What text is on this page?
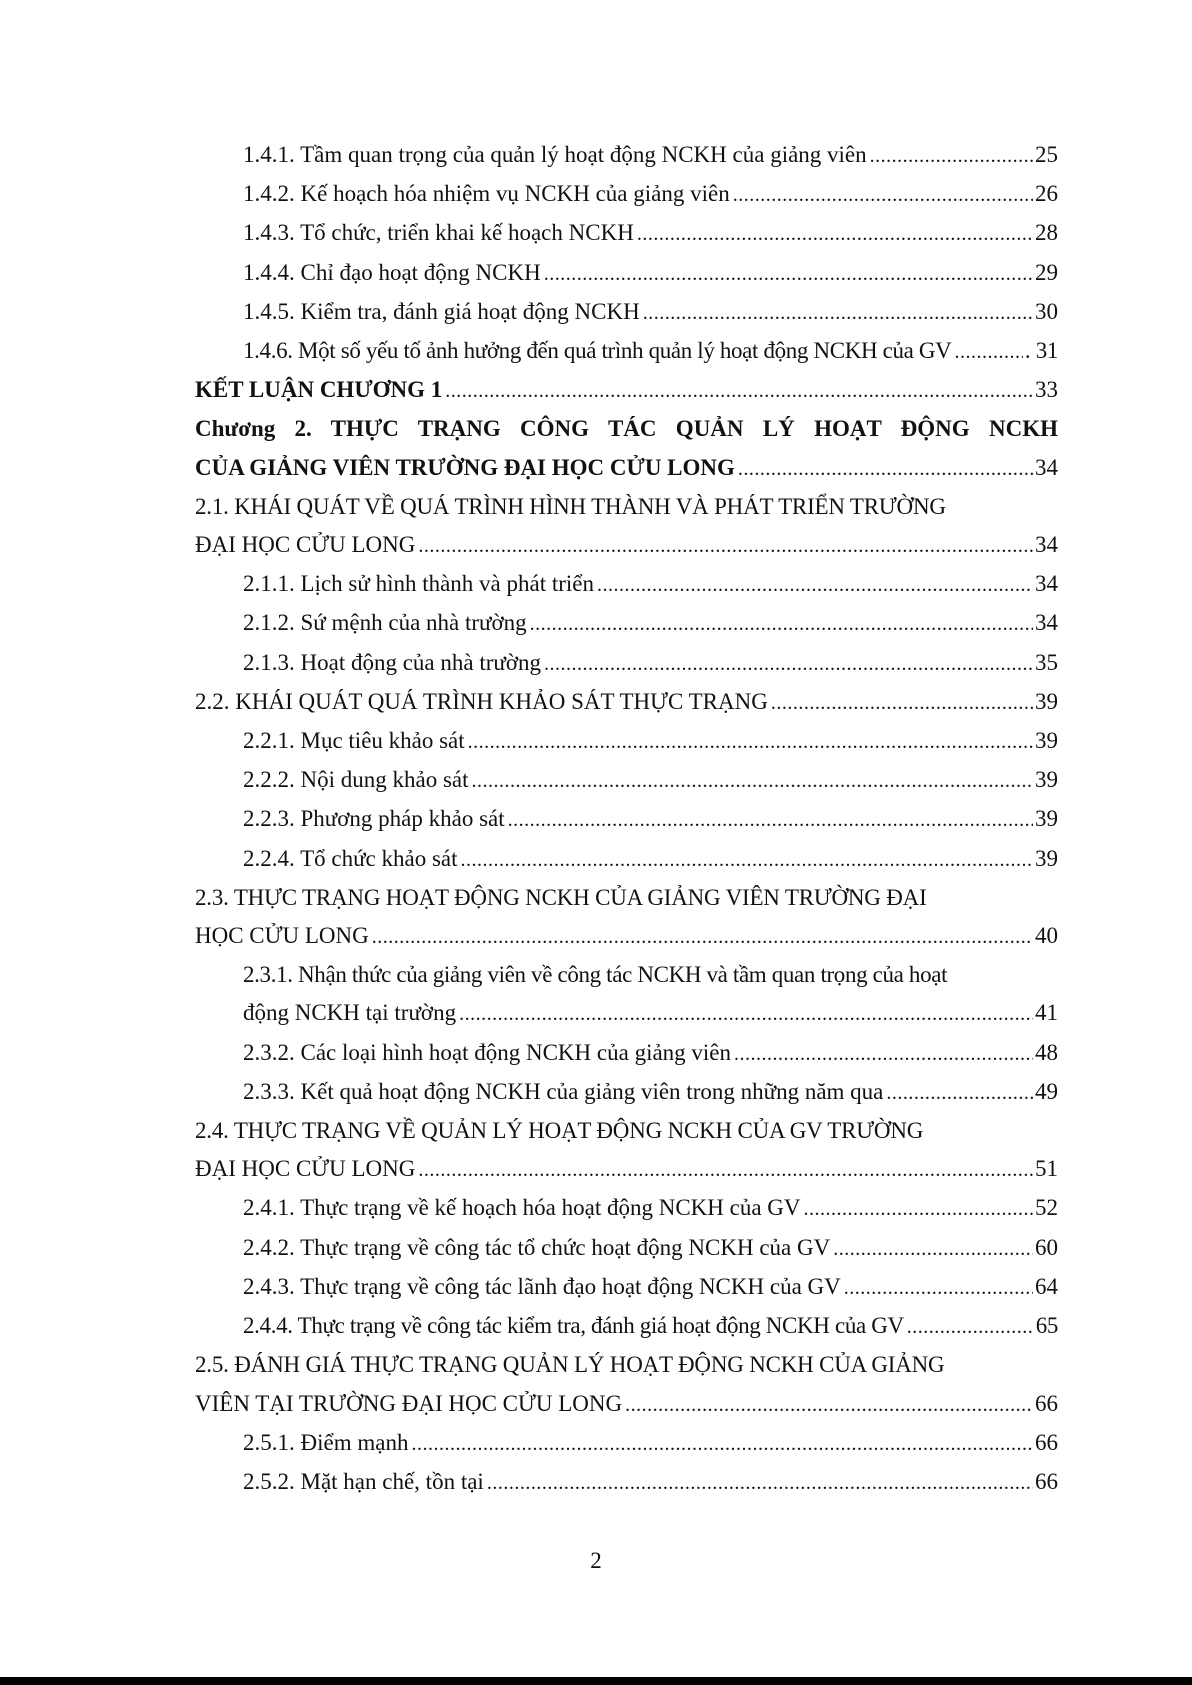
1.4.1. Tầm quan trọng của quản lý hoạt động NCKH của giảng viên .....	25
1.4.2. Kế hoạch hóa nhiệm vụ NCKH của giảng viên .....	26
1.4.3. Tổ chức, triển khai kế hoạch NCKH .....	28
1.4.4. Chỉ đạo hoạt động NCKH .....	29
1.4.5. Kiểm tra, đánh giá hoạt động NCKH .....	30
1.4.6. Một số yếu tố ảnh hưởng đến quá trình quản lý hoạt động NCKH của GV .....	. 31
KẾT LUẬN CHƯƠNG 1 .....	33
Chương 2. THỰC TRẠNG CÔNG TÁC QUẢN LÝ HOẠT ĐỘNG NCKH
CỦA GIẢNG VIÊN TRƯỜNG ĐẠI HỌC CỬU LONG .....	34
2.1. KHÁI QUÁT VỀ QUÁ TRÌNH HÌNH THÀNH VÀ PHÁT TRIỂN TRƯỜNG
ĐẠI HỌC CỬU LONG .....	34
2.1.1. Lịch sử hình thành và phát triển .....	34
2.1.2. Sứ mệnh của nhà trường .....	34
2.1.3. Hoạt động của nhà trường .....	35
2.2. KHÁI QUÁT QUÁ TRÌNH KHẢO SÁT THỰC TRẠNG .....	39
2.2.1. Mục tiêu khảo sát .....	39
2.2.2. Nội dung khảo sát .....	39
2.2.3. Phương pháp khảo sát .....	39
2.2.4. Tổ chức khảo sát .....	39
2.3. THỰC TRẠNG HOẠT ĐỘNG NCKH CỦA GIẢNG VIÊN TRƯỜNG ĐẠI
HỌC CỬU LONG .....	40
2.3.1. Nhận thức của giảng viên về công tác NCKH và tầm quan trọng của hoạt
động NCKH tại trường .....	41
2.3.2. Các loại hình hoạt động NCKH của giảng viên .....	48
2.3.3. Kết quả hoạt động NCKH của giảng viên trong những năm qua .....	49
2.4. THỰC TRẠNG VỀ QUẢN LÝ HOẠT ĐỘNG NCKH CỦA GV TRƯỜNG
ĐẠI HỌC CỬU LONG .....	51
2.4.1. Thực trạng về kế hoạch hóa hoạt động NCKH của GV .....	52
2.4.2. Thực trạng về công tác tổ chức hoạt động NCKH của GV .....	60
2.4.3. Thực trạng về công tác lãnh đạo hoạt động NCKH của GV .....	64
2.4.4. Thực trạng về công tác kiểm tra, đánh giá hoạt động NCKH của GV .....	65
2.5. ĐÁNH GIÁ THỰC TRẠNG QUẢN LÝ HOẠT ĐỘNG NCKH CỦA GIẢNG
VIÊN TẠI TRƯỜNG ĐẠI HỌC CỬU LONG .....	66
2.5.1. Điểm mạnh .....	66
2.5.2. Mặt hạn chế, tồn tại .....	66
2
